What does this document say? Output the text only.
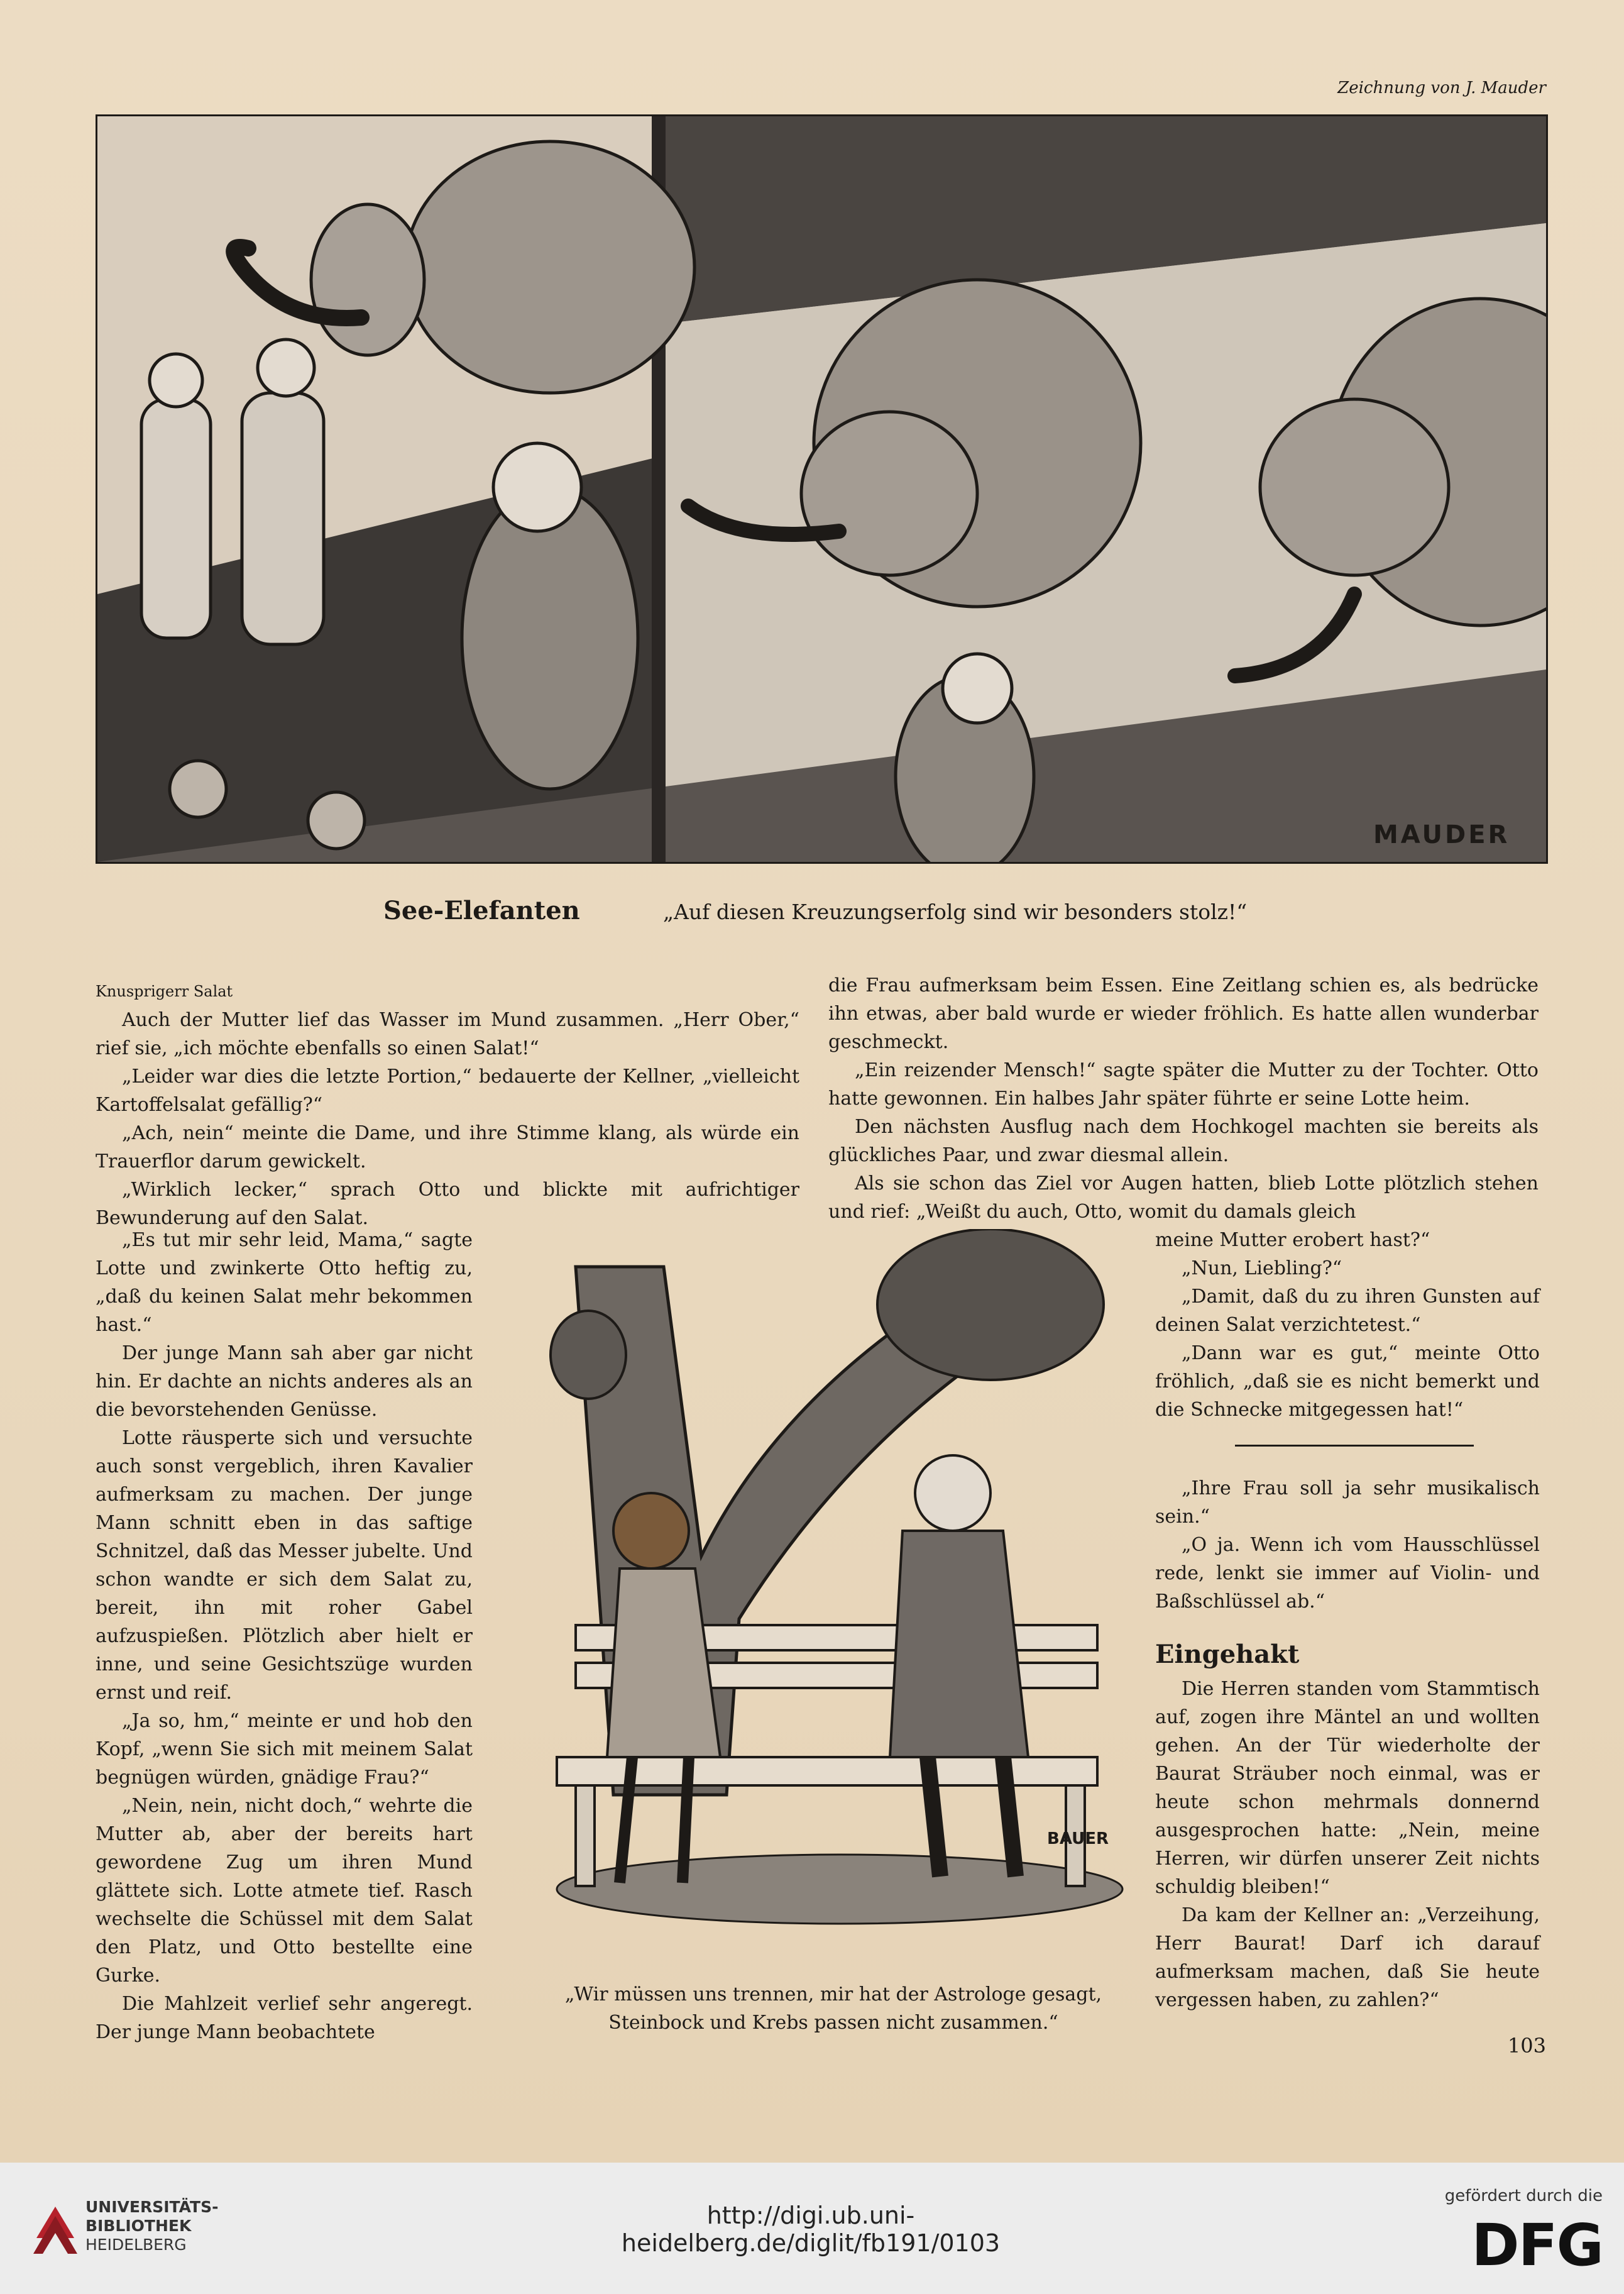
Zeichnung von J. Mauder
MAUDER
See-Elefanten	„Auf diesen Kreuzungserfolg sind wir besonders stolz!“

Knusprigerr Salat

Auch der Mutter lief das Wasser im Mund zusammen. „Herr Ober,“ rief sie, „ich möchte ebenfalls so einen Salat!“

„Leider war dies die letzte Portion,“ bedauerte der Kellner, „vielleicht Kartoffelsalat gefällig?“

„Ach, nein“ meinte die Dame, und ihre Stimme klang, als würde ein Trauerflor darum gewickelt.

„Wirklich lecker,“ sprach Otto und blickte mit aufrichtiger Bewunderung auf den Salat.

„Es tut mir sehr leid, Mama,“ sagte Lotte und zwinkerte Otto heftig zu, „daß du keinen Salat mehr bekommen hast.“

Der junge Mann sah aber gar nicht hin. Er dachte an nichts anderes als an die bevorstehenden Genüsse.

Lotte räusperte sich und versuchte auch sonst vergeblich, ihren Kavalier aufmerksam zu machen. Der junge Mann schnitt eben in das saftige Schnitzel, daß das Messer jubelte. Und schon wandte er sich dem Salat zu, bereit, ihn mit roher Gabel aufzuspießen. Plötzlich aber hielt er inne, und seine Gesichtszüge wurden ernst und reif.

„Ja so, hm,“ meinte er und hob den Kopf, „wenn Sie sich mit meinem Salat begnügen würden, gnädige Frau?“

„Nein, nein, nicht doch,“ wehrte die Mutter ab, aber der bereits hart gewordene Zug um ihren Mund glättete sich. Lotte atmete tief. Rasch wechselte die Schüssel mit dem Salat den Platz, und Otto bestellte eine Gurke.

Die Mahlzeit verlief sehr angeregt. Der junge Mann beobachtete

die Frau aufmerksam beim Essen. Eine Zeitlang schien es, als bedrücke ihn etwas, aber bald wurde er wieder fröhlich. Es hatte allen wunderbar geschmeckt.

„Ein reizender Mensch!“ sagte später die Mutter zu der Tochter. Otto hatte gewonnen. Ein halbes Jahr später führte er seine Lotte heim.

Den nächsten Ausflug nach dem Hochkogel machten sie bereits als glückliches Paar, und zwar diesmal allein.

Als sie schon das Ziel vor Augen hatten, blieb Lotte plötzlich stehen und rief: „Weißt du auch, Otto, womit du damals gleich

BAUER
„Wir müssen uns trennen, mir hat der Astrologe gesagt, Steinbock und Krebs passen nicht zusammen.“

meine Mutter erobert hast?“

„Nun, Liebling?“

„Damit, daß du zu ihren Gunsten auf deinen Salat verzichtetest.“

„Dann war es gut,“ meinte Otto fröhlich, „daß sie es nicht bemerkt und die Schnecke mitgegessen hat!“

„Ihre Frau soll ja sehr musikalisch sein.“

„O ja. Wenn ich vom Hausschlüssel rede, lenkt sie immer auf Violin- und Baßschlüssel ab.“

Eingehakt

Die Herren standen vom Stammtisch auf, zogen ihre Mäntel an und wollten gehen. An der Tür wiederholte der Baurat Sträuber noch einmal, was er heute schon mehrmals donnernd ausgesprochen hatte: „Nein, meine Herren, wir dürfen unserer Zeit nichts schuldig bleiben!“

Da kam der Kellner an: „Verzeihung, Herr Baurat! Darf ich darauf aufmerksam machen, daß Sie heute vergessen haben, zu zahlen?“

103
UNIVERSITÄTS-
BIBLIOTHEK
HEIDELBERG
http://digi.ub.uni-heidelberg.de/diglit/fb191/0103
gefördert durch die
DFG
